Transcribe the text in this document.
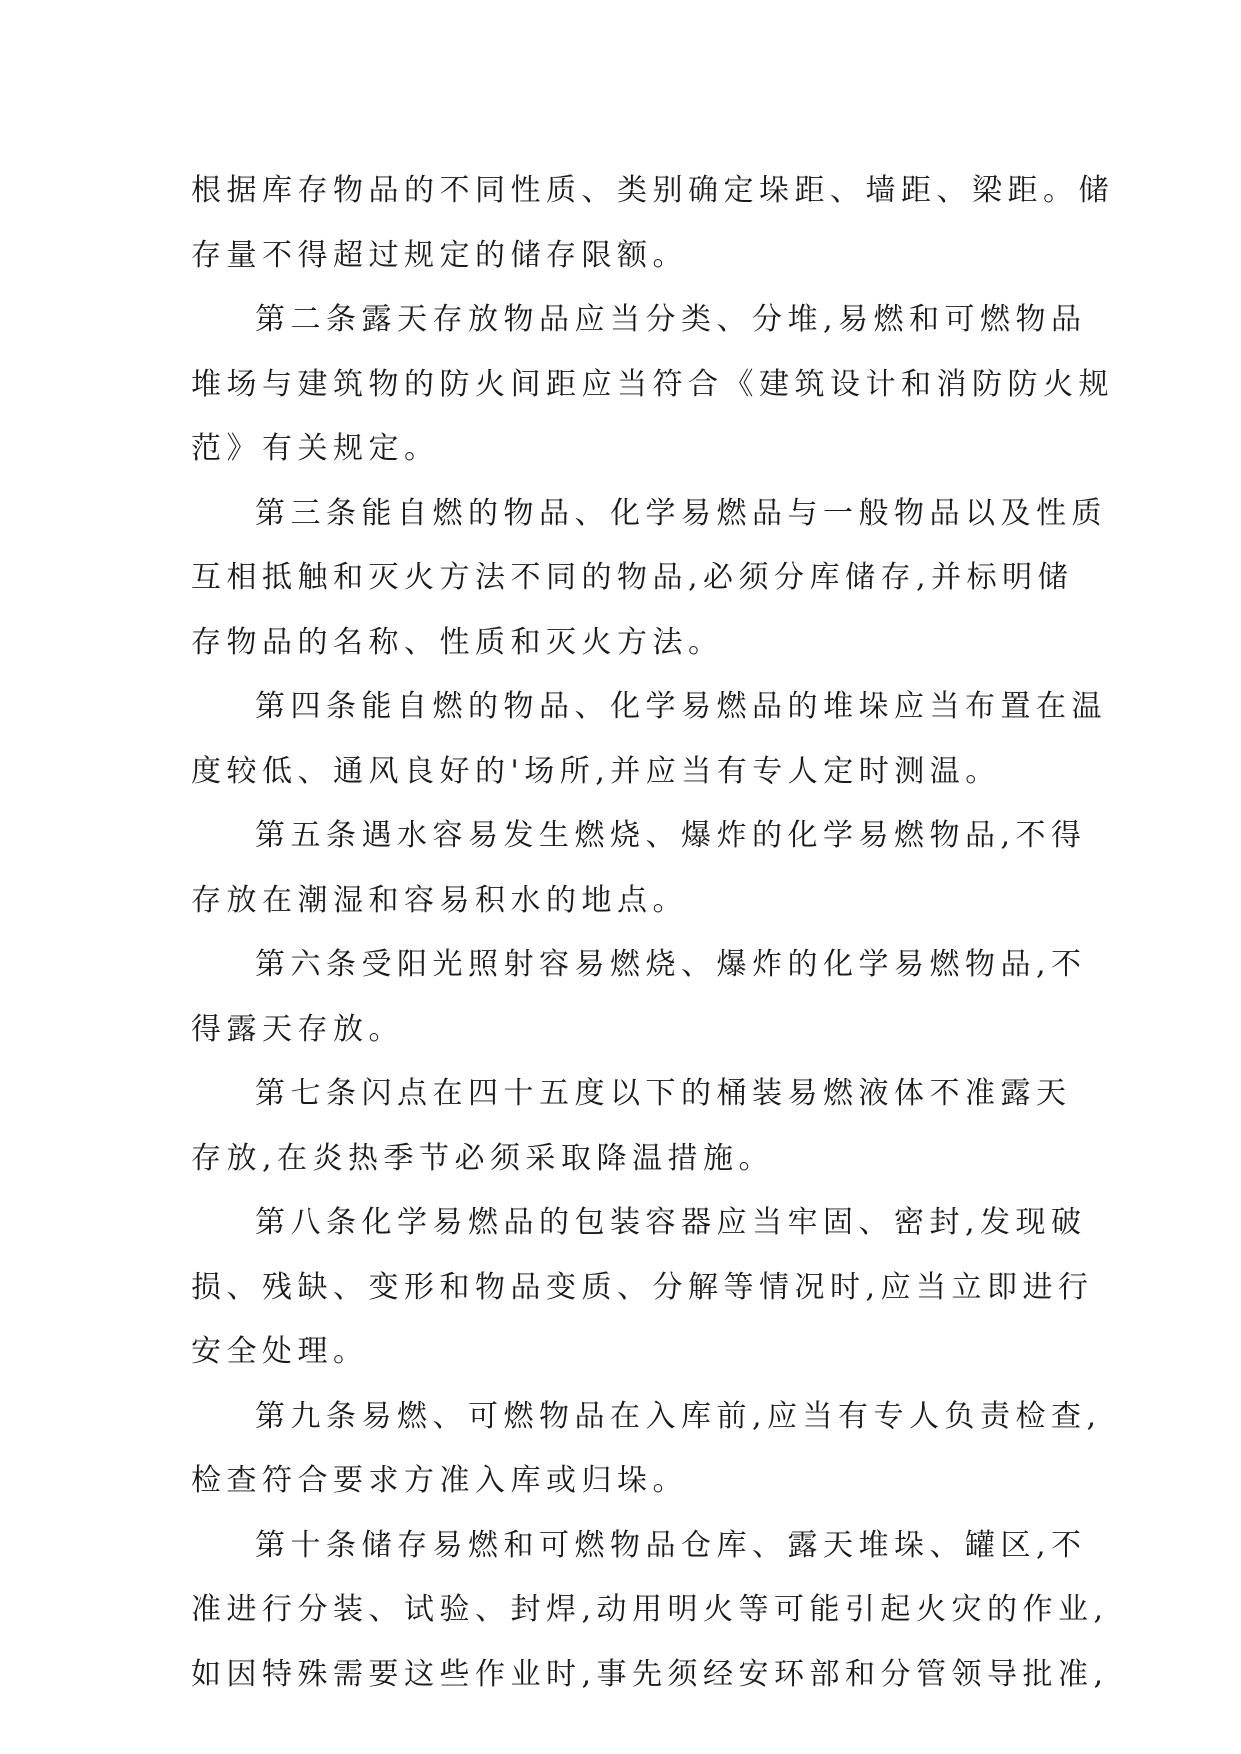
根据库存物品的不同性质、类别确定垛距、墙距、梁距。储
存量不得超过规定的储存限额。
第二条露天存放物品应当分类、分堆,易燃和可燃物品
堆场与建筑物的防火间距应当符合《建筑设计和消防防火规
范》有关规定。
第三条能自燃的物品、化学易燃品与一般物品以及性质
互相抵触和灭火方法不同的物品,必须分库储存,并标明储
存物品的名称、性质和灭火方法。
第四条能自燃的物品、化学易燃品的堆垛应当布置在温
度较低、通风良好的'场所,并应当有专人定时测温。
第五条遇水容易发生燃烧、爆炸的化学易燃物品,不得
存放在潮湿和容易积水的地点。
第六条受阳光照射容易燃烧、爆炸的化学易燃物品,不
得露天存放。
第七条闪点在四十五度以下的桶装易燃液体不准露天
存放,在炎热季节必须采取降温措施。
第八条化学易燃品的包装容器应当牢固、密封,发现破
损、残缺、变形和物品变质、分解等情况时,应当立即进行
安全处理。
第九条易燃、可燃物品在入库前,应当有专人负责检查,
检查符合要求方准入库或归垛。
第十条储存易燃和可燃物品仓库、露天堆垛、罐区,不
准进行分装、试验、封焊,动用明火等可能引起火灾的作业,
如因特殊需要这些作业时,事先须经安环部和分管领导批准,
